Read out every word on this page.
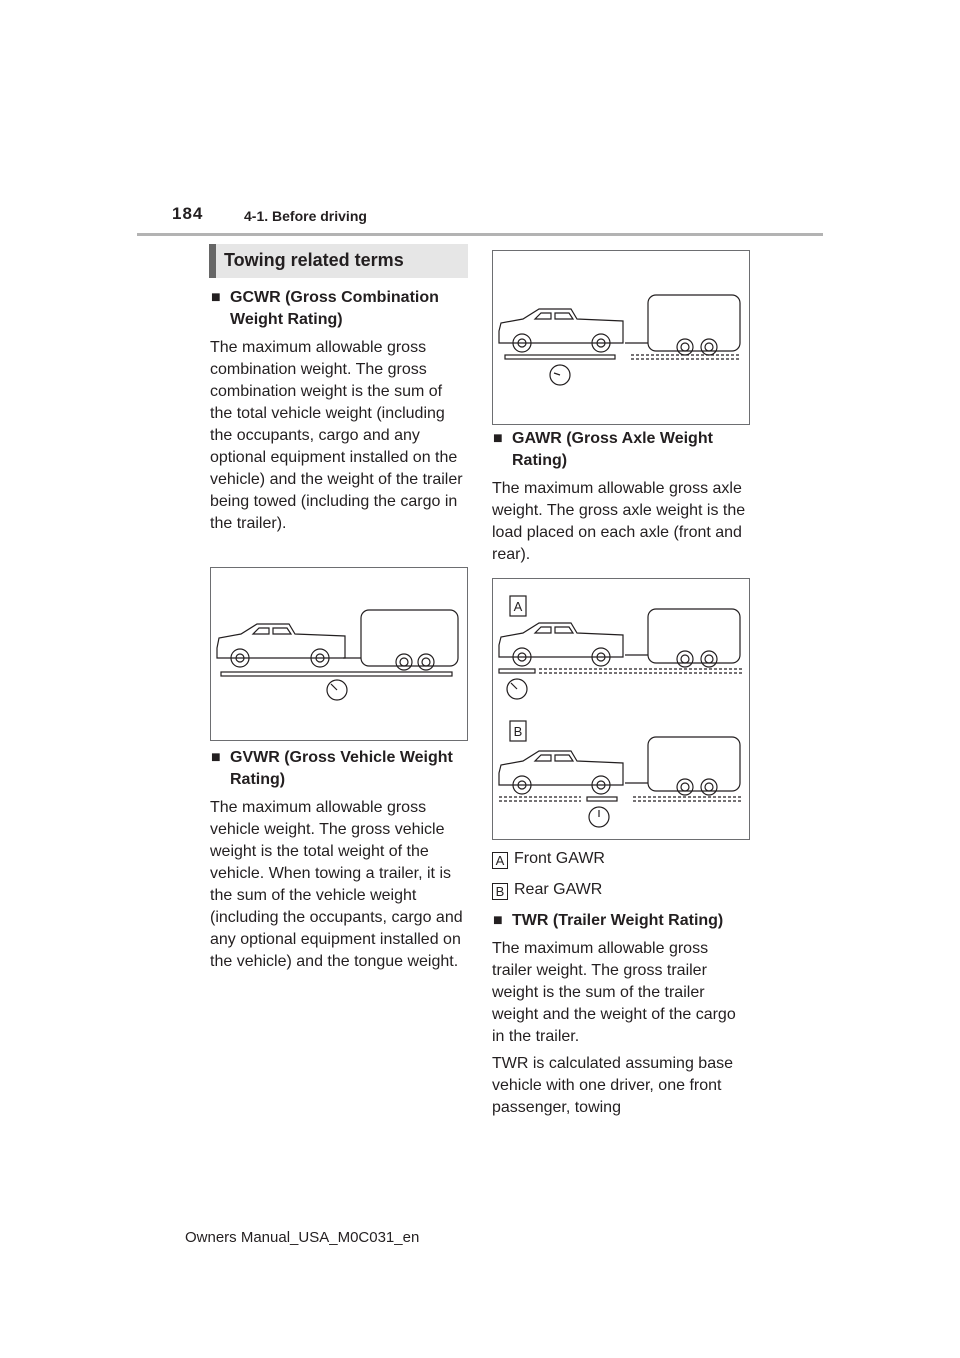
184	4-1. Before driving
Towing related terms
■ GCWR (Gross Combination Weight Rating)
The maximum allowable gross combination weight. The gross combination weight is the sum of the total vehicle weight (including the occupants, cargo and any optional equipment installed on the vehicle) and the weight of the trailer being towed (including the cargo in the trailer).
■ GVWR (Gross Vehicle Weight Rating)
The maximum allowable gross vehicle weight. The gross vehicle weight is the total weight of the vehicle. When towing a trailer, it is the sum of the vehicle weight (including the occupants, cargo and any optional equipment installed on the vehicle) and the tongue weight.
■ GAWR (Gross Axle Weight Rating)
The maximum allowable gross axle weight. The gross axle weight is the load placed on each axle (front and rear).
A
B
A Front GAWR
B Rear GAWR
■ TWR (Trailer Weight Rating)
The maximum allowable gross trailer weight. The gross trailer weight is the sum of the trailer weight and the weight of the cargo in the trailer.
TWR is calculated assuming base vehicle with one driver, one front passenger, towing
Owners Manual_USA_M0C031_en
